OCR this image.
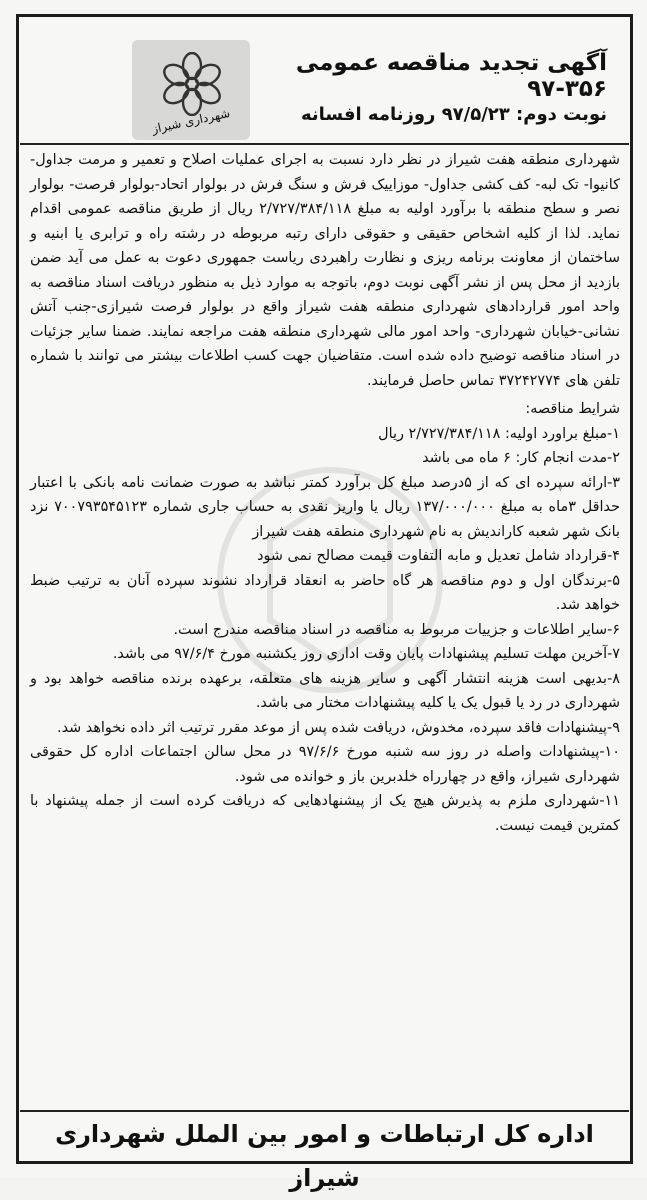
شهرداری شیراز
آگهی تجدید مناقصه عمومی ۳۵۶-۹۷
نوبت دوم: ۹۷/۵/۲۳ روزنامه افسانه

شهرداری منطقه هفت شیراز در نظر دارد نسبت به اجرای عملیات اصلاح و تعمیر و مرمت جداول-کانیوا- تک لبه- کف کشی جداول- موزاییک فرش و سنگ فرش در بولوار اتحاد-بولوار فرصت- بولوار نصر و سطح منطقه با برآورد اولیه به مبلغ ۲/۷۲۷/۳۸۴/۱۱۸ ریال از طریق مناقصه عمومی اقدام نماید. لذا از کلیه اشخاص حقیقی و حقوقی دارای رتبه مربوطه در رشته راه و ترابری یا ابنیه و ساختمان از معاونت برنامه ریزی و نظارت راهبردی ریاست جمهوری دعوت به عمل می آید ضمن بازدید از محل پس از نشر آگهی نوبت دوم، باتوجه به موارد ذیل به منظور دریافت اسناد مناقصه به واحد امور قراردادهای شهرداری منطقه هفت شیراز واقع در بولوار فرصت شیرازی-جنب آتش نشانی-خیابان شهرداری- واحد امور مالی شهرداری منطقه هفت مراجعه نمایند. ضمنا سایر جزئیات در اسناد مناقصه توضیح داده شده است. متقاضیان جهت کسب اطلاعات بیشتر می توانند با شماره تلفن های ۳۷۲۴۲۷۷۴ تماس حاصل فرمایند.

شرایط مناقصه:

۱-مبلغ براورد اولیه: ۲/۷۲۷/۳۸۴/۱۱۸ ریال
۲-مدت انجام کار: ۶ ماه می باشد
۳-ارائه سپرده ای که از ۵درصد مبلغ کل برآورد کمتر نباشد به صورت ضمانت نامه بانکی با اعتبار حداقل ۳ماه به مبلغ ۱۳۷/۰۰۰/۰۰۰ ریال یا واریز نقدی به حساب جاری شماره ۷۰۰۷۹۳۵۴۵۱۲۳ نزد بانک شهر شعبه کاراندیش به نام شهرداری منطقه هفت شیراز
۴-قرارداد شامل تعدیل و مابه التفاوت قیمت مصالح نمی شود
۵-برندگان اول و دوم مناقصه هر گاه حاضر به انعقاد قرارداد نشوند سپرده آنان به ترتیب ضبط خواهد شد.
۶-سایر اطلاعات و جزییات مربوط به مناقصه در اسناد مناقصه مندرج است.
۷-آخرین مهلت تسلیم پیشنهادات پایان وقت اداری روز یکشنبه مورخ ۹۷/۶/۴ می باشد.
۸-بدیهی است هزینه انتشار آگهی و سایر هزینه های متعلقه، برعهده برنده مناقصه خواهد بود و شهرداری در رد یا قبول یک یا کلیه پیشنهادات مختار می باشد.
۹-پیشنهادات فاقد سپرده، مخدوش، دریافت شده پس از موعد مقرر ترتیب اثر داده نخواهد شد.
۱۰-پیشنهادات واصله در روز سه شنبه مورخ ۹۷/۶/۶ در محل سالن اجتماعات اداره کل حقوقی شهرداری شیراز، واقع در چهارراه خلدبرین باز و خوانده می شود.
۱۱-شهرداری ملزم به پذیرش هیچ یک از پیشنهادهایی که دریافت کرده است از جمله پیشنهاد با کمترین قیمت نیست.
اداره کل ارتباطات و امور بین الملل شهرداری شیراز
